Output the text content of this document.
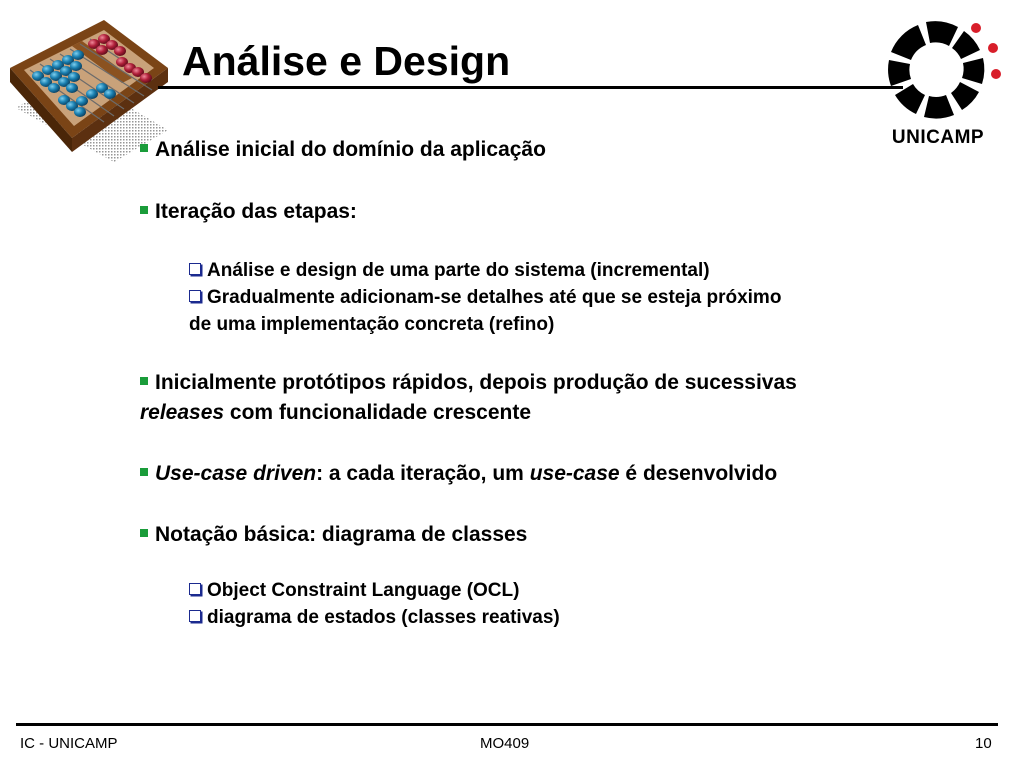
Análise e Design
UNICAMP
Análise inicial do domínio da aplicação
Iteração das etapas:
Análise e design de uma parte do sistema (incremental)
Gradualmente adicionam-se detalhes até que se esteja próximo
de uma implementação concreta (refino)
Inicialmente protótipos rápidos, depois produção de sucessivas
releases com funcionalidade crescente
Use-case driven: a cada iteração, um use-case é desenvolvido
Notação básica: diagrama de classes
Object Constraint Language (OCL)
diagrama de estados (classes reativas)
IC - UNICAMP	MO409	10
